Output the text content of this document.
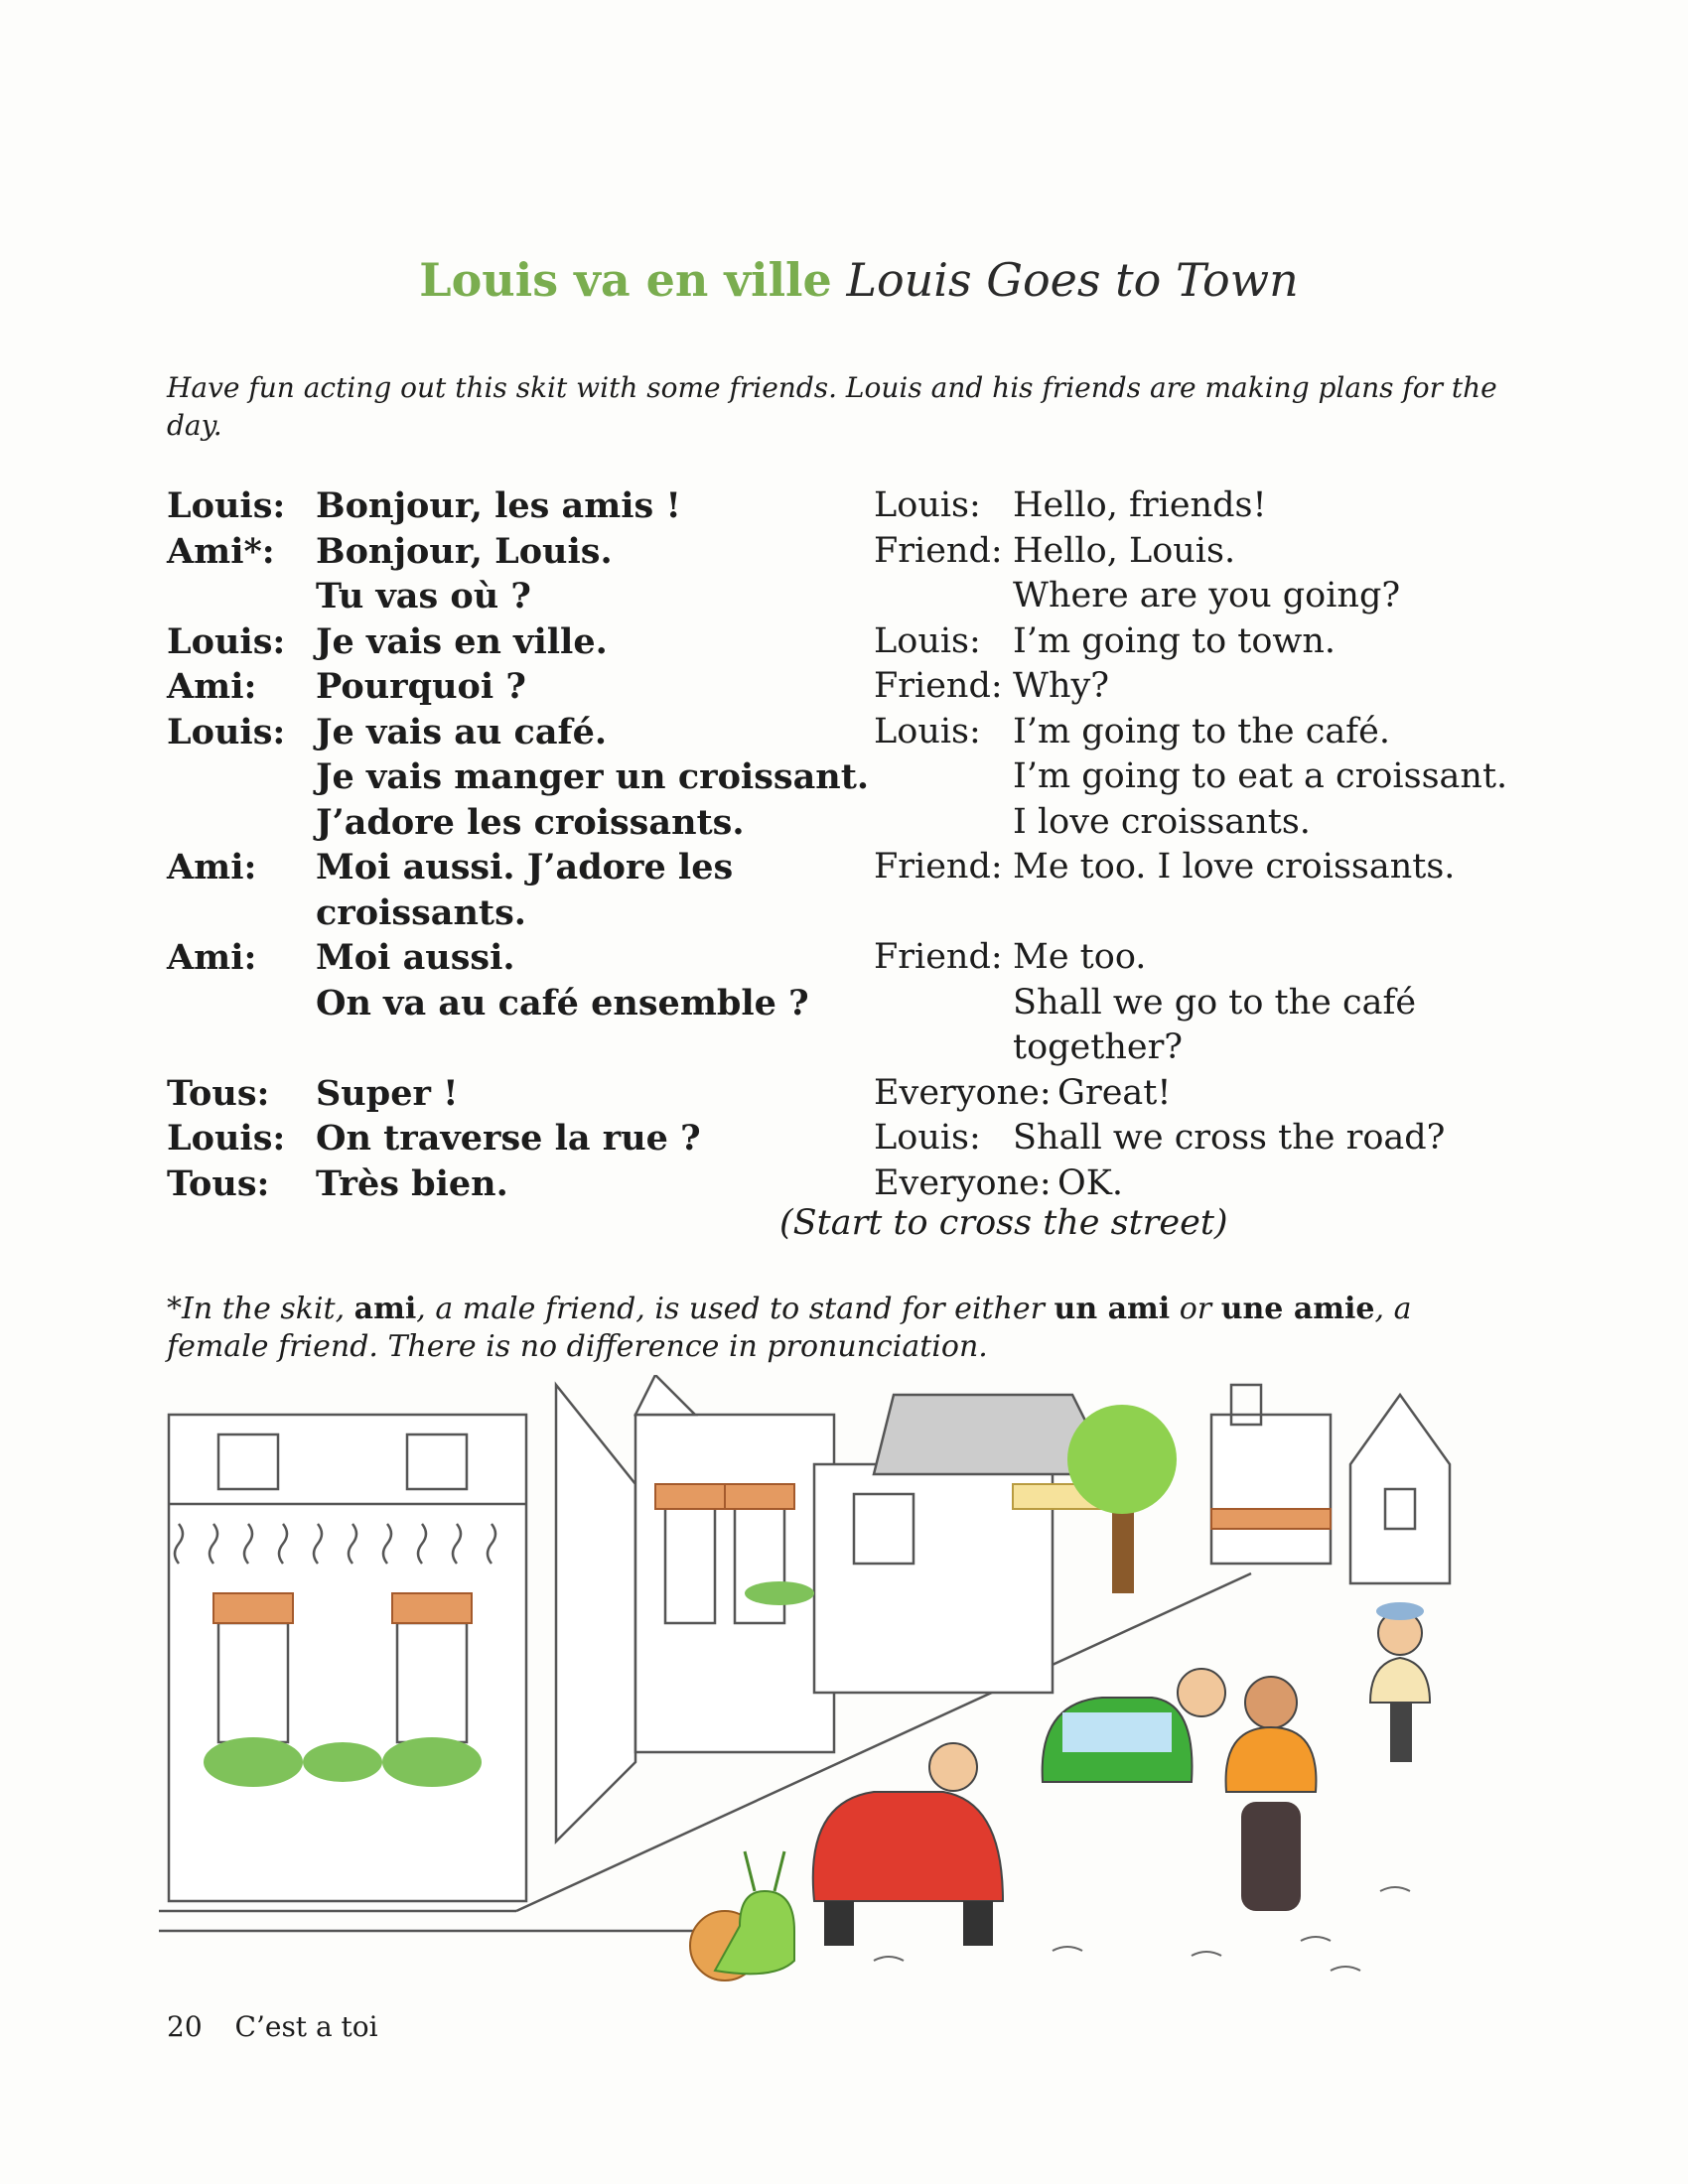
Louis va en ville Louis Goes to Town
Have fun acting out this skit with some friends. Louis and his friends are making plans for the day.
Louis: Bonjour, les amis !
Ami*: Bonjour, Louis.
Tu vas où ?
Louis: Je vais en ville.
Ami: Pourquoi ?
Louis: Je vais au café.
Je vais manger un croissant.
J’adore les croissants.
Ami: Moi aussi. J’adore les
croissants.
Ami: Moi aussi.
On va au café ensemble ?
Tous: Super !
Louis: On traverse la rue ?
Tous: Très bien.
Louis: Hello, friends!
Friend: Hello, Louis.
Where are you going?
Louis: I’m going to town.
Friend: Why?
Louis: I’m going to the café.
I’m going to eat a croissant.
I love croissants.
Friend: Me too. I love croissants.
Friend: Me too.
Shall we go to the café
together?
Everyone: Great!
Louis: Shall we cross the road?
Everyone: OK.
(Start to cross the street)
*In the skit, ami, a male friend, is used to stand for either un ami or une amie, a female friend. There is no difference in pronunciation.
20 C’est a toi
